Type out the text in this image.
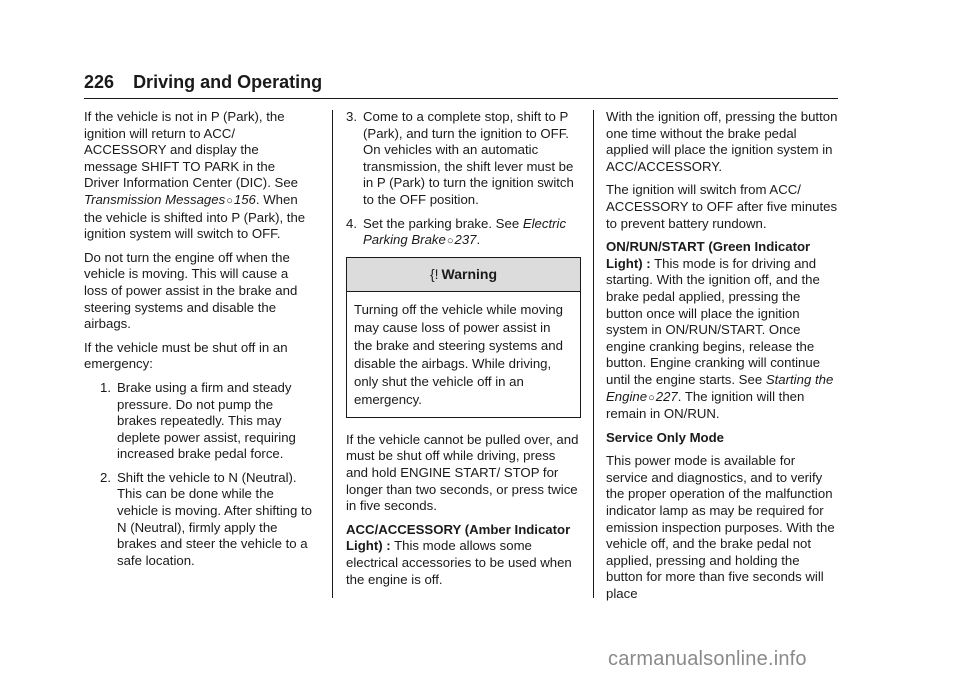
226 Driving and Operating

If the vehicle is not in P (Park), the ignition will return to ACC/ ACCESSORY and display the message SHIFT TO PARK in the Driver Information Center (DIC). See Transmission Messages○156. When the vehicle is shifted into P (Park), the ignition system will switch to OFF.

Do not turn the engine off when the vehicle is moving. This will cause a loss of power assist in the brake and steering systems and disable the airbags.

If the vehicle must be shut off in an emergency:

1. Brake using a firm and steady pressure. Do not pump the brakes repeatedly. This may deplete power assist, requiring increased brake pedal force.
2. Shift the vehicle to N (Neutral). This can be done while the vehicle is moving. After shifting to N (Neutral), firmly apply the brakes and steer the vehicle to a safe location.
3. Come to a complete stop, shift to P (Park), and turn the ignition to OFF. On vehicles with an automatic transmission, the shift lever must be in P (Park) to turn the ignition switch to the OFF position.
4. Set the parking brake. See Electric Parking Brake○237.
{! Warning
Turning off the vehicle while moving may cause loss of power assist in the brake and steering systems and disable the airbags. While driving, only shut the vehicle off in an emergency.

If the vehicle cannot be pulled over, and must be shut off while driving, press and hold ENGINE START/ STOP for longer than two seconds, or press twice in five seconds.

ACC/ACCESSORY (Amber Indicator Light) : This mode allows some electrical accessories to be used when the engine is off.

With the ignition off, pressing the button one time without the brake pedal applied will place the ignition system in ACC/ACCESSORY.

The ignition will switch from ACC/ ACCESSORY to OFF after five minutes to prevent battery rundown.

ON/RUN/START (Green Indicator Light) : This mode is for driving and starting. With the ignition off, and the brake pedal applied, pressing the button once will place the ignition system in ON/RUN/START. Once engine cranking begins, release the button. Engine cranking will continue until the engine starts. See Starting the Engine○227. The ignition will then remain in ON/RUN.

Service Only Mode

This power mode is available for service and diagnostics, and to verify the proper operation of the malfunction indicator lamp as may be required for emission inspection purposes. With the vehicle off, and the brake pedal not applied, pressing and holding the button for more than five seconds will place

carmanualsonline.info
